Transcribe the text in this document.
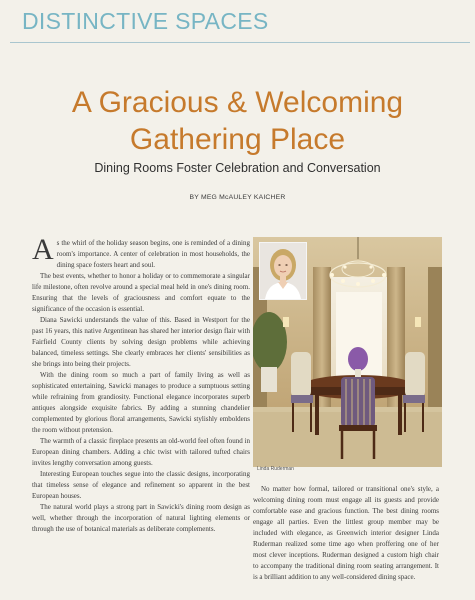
DISTINCTIVE SPACES
A Gracious & Welcoming
Gathering Place
Dining Rooms Foster Celebration and Conversation
BY MEG McAULEY KAICHER

As the whirl of the holiday season begins, one is reminded of a dining room's importance. A center of celebration in most households, the dining space fosters heart and soul.

The best events, whether to honor a holiday or to commemorate a singular life milestone, often revolve around a special meal held in one's dining room. Ensuring that the levels of graciousness and comfort equate to the significance of the occasion is essential.

Diana Sawicki understands the value of this. Based in Westport for the past 16 years, this native Argentinean has shared her interior design flair with Fairfield County clients by solving design problems while achieving balanced, timeless settings. She clearly embraces her clients' sensibilities as she brings into being their projects.

With the dining room so much a part of family living as well as sophisticated entertaining, Sawicki manages to produce a sumptuous setting while refraining from grandiosity. Functional elegance incorporates superb antiques alongside exquisite fabrics. By adding a stunning chandelier complemented by glorious floral arrangements, Sawicki stylishly emboldens the room without pretension.

The warmth of a classic fireplace presents an old-world feel often found in European dining chambers. Adding a chic twist with tailored tufted chairs invites lengthy conversation among guests.

Interesting European touches segue into the classic designs, incorporating that timeless sense of elegance and refinement so apparent in the best European houses.

The natural world plays a strong part in Sawicki's dining room design as well, whether through the incorporation of natural lighting elements or through the use of botanical materials as deliberate complements.

Linda Ruderman

No matter how formal, tailored or transitional one's style, a welcoming dining room must engage all its guests and provide comfortable ease and gracious function. The best dining rooms engage all parties. Even the littlest group member may be included with elegance, as Greenwich interior designer Linda Ruderman realized some time ago when proffering one of her most clever inceptions. Ruderman designed a custom high chair to accompany the traditional dining room seating arrangement. It is a brilliant addition to any well-considered dining space.
